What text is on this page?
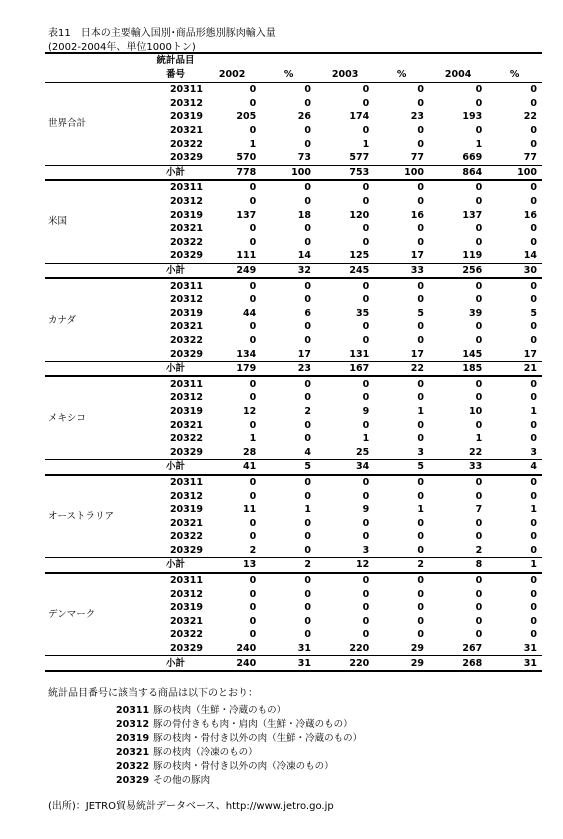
表11　日本の主要輸入国別･商品形態別豚肉輸入量
(2002-2004年、単位1000トン)
	統計品目						
	番号	2002	%	2003	%	2004	%
世界合計	20311	0	0	0	0	0	0
	20312	0	0	0	0	0	0
	20319	205	26	174	23	193	22
	20321	0	0	0	0	0	0
	20322	1	0	1	0	1	0
	20329	570	73	577	77	669	77
	小計	778	100	753	100	864	100
米国	20311	0	0	0	0	0	0
	20312	0	0	0	0	0	0
	20319	137	18	120	16	137	16
	20321	0	0	0	0	0	0
	20322	0	0	0	0	0	0
	20329	111	14	125	17	119	14
	小計	249	32	245	33	256	30
カナダ	20311	0	0	0	0	0	0
	20312	0	0	0	0	0	0
	20319	44	6	35	5	39	5
	20321	0	0	0	0	0	0
	20322	0	0	0	0	0	0
	20329	134	17	131	17	145	17
	小計	179	23	167	22	185	21
メキシコ	20311	0	0	0	0	0	0
	20312	0	0	0	0	0	0
	20319	12	2	9	1	10	1
	20321	0	0	0	0	0	0
	20322	1	0	1	0	1	0
	20329	28	4	25	3	22	3
	小計	41	5	34	5	33	4
オーストラリア	20311	0	0	0	0	0	0
	20312	0	0	0	0	0	0
	20319	11	1	9	1	7	1
	20321	0	0	0	0	0	0
	20322	0	0	0	0	0	0
	20329	2	0	3	0	2	0
	小計	13	2	12	2	8	1
デンマーク	20311	0	0	0	0	0	0
	20312	0	0	0	0	0	0
	20319	0	0	0	0	0	0
	20321	0	0	0	0	0	0
	20322	0	0	0	0	0	0
	20329	240	31	220	29	267	31
	小計	240	31	220	29	268	31
統計品目番号に該当する商品は以下のとおり：
20311 豚の枝肉（生鮮・冷蔵のもの）
20312 豚の骨付きもも肉・肩肉（生鮮・冷蔵のもの）
20319 豚の枝肉・骨付き以外の肉（生鮮・冷蔵のもの）
20321 豚の枝肉（冷凍のもの）
20322 豚の枝肉・骨付き以外の肉（冷凍のもの）
20329 その他の豚肉
(出所)：JETRO貿易統計データベース、http://www.jetro.go.jp
